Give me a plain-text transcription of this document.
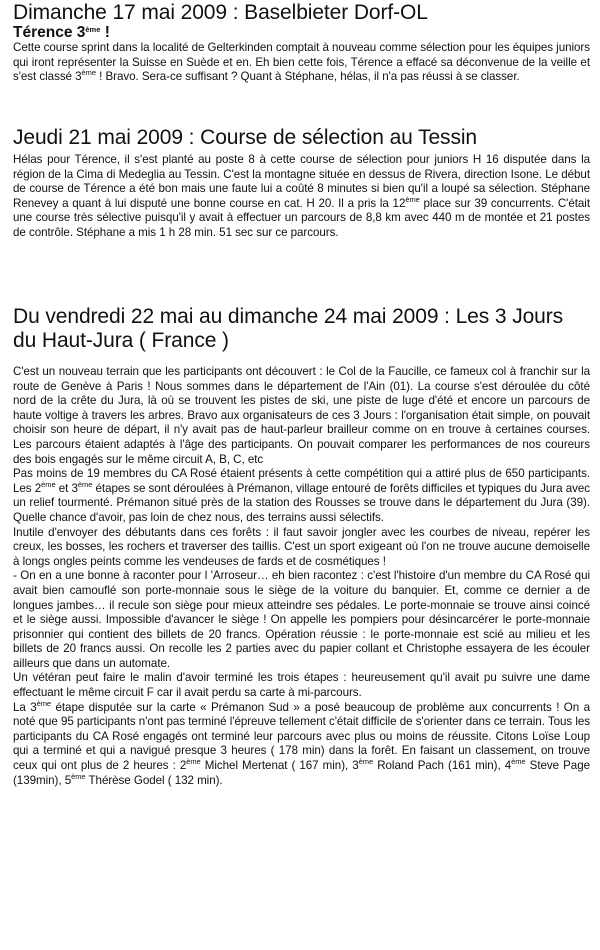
Dimanche 17 mai 2009 : Baselbieter Dorf-OL
Térence 3ème !

Cette course sprint dans la localité de Gelterkinden comptait à nouveau comme sélection pour les équipes juniors qui iront représenter la Suisse en Suède et en. Eh bien cette fois, Térence a effacé sa déconvenue de la veille et s'est classé 3ème ! Bravo. Sera-ce suffisant ? Quant à Stéphane, hélas, il n'a pas réussi à se classer.

Jeudi 21 mai 2009 : Course de sélection au Tessin

Hélas pour Térence, il s'est planté au poste 8 à cette course de sélection pour juniors H 16 disputée dans la région de la Cima di Medeglia au Tessin. C'est la montagne située en dessus de Rivera, direction Isone. Le début de course de Térence a été bon mais une faute lui a coûté 8 minutes si bien qu'il a loupé sa sélection. Stéphane Renevey a quant à lui disputé une bonne course en cat. H 20. Il a pris la 12ème place sur 39 concurrents. C'était une course très sélective puisqu'il y avait à effectuer un parcours de 8,8 km avec 440 m de montée et 21 postes de contrôle. Stéphane a mis 1 h 28 min. 51 sec sur ce parcours.

Du vendredi 22 mai au dimanche 24 mai 2009 : Les 3 Jours du Haut-Jura ( France )

C'est un nouveau terrain que les participants ont découvert : le Col de la Faucille, ce fameux col à franchir sur la route de Genève à Paris ! Nous sommes dans le département de l'Ain (01). La course s'est déroulée du côté nord de la crête du Jura, là où se trouvent les pistes de ski, une piste de luge d'été et encore un parcours de haute voltige à travers les arbres. Bravo aux organisateurs de ces 3 Jours : l'organisation était simple, on pouvait choisir son heure de départ, il n'y avait pas de haut-parleur brailleur comme on en trouve à certaines courses. Les parcours étaient adaptés à l'âge des participants. On pouvait comparer les performances de nos coureurs des bois engagés sur le même circuit A, B, C, etc

Pas moins de 19 membres du CA Rosé étaient présents à cette compétition qui a attiré plus de 650 participants. Les 2ème et 3ème étapes se sont déroulées à Prémanon, village entouré de forêts difficiles et typiques du Jura avec un relief tourmenté. Prémanon situé près de la station des Rousses se trouve dans le département du Jura (39). Quelle chance d'avoir, pas loin de chez nous, des terrains aussi sélectifs.

Inutile d'envoyer des débutants dans ces forêts : il faut savoir jongler avec les courbes de niveau, repérer les creux, les bosses, les rochers et traverser des taillis. C'est un sport exigeant où l'on ne trouve aucune demoiselle à longs ongles peints comme les vendeuses de fards et de cosmétiques !

- On en a une bonne à raconter pour l 'Arroseur… eh bien racontez : c'est l'histoire d'un membre du CA Rosé qui avait bien camouflé son porte-monnaie sous le siège de la voiture du banquier. Et, comme ce dernier a de longues jambes… il recule son siège pour mieux atteindre ses pédales. Le porte-monnaie se trouve ainsi coincé et le siège aussi. Impossible d'avancer le siège ! On appelle les pompiers pour désincarcérer le porte-monnaie prisonnier qui contient des billets de 20 francs. Opération réussie : le porte-monnaie est scié au milieu et les billets de 20 francs aussi. On recolle les 2 parties avec du papier collant et Christophe essayera de les écouler ailleurs que dans un automate.

Un vétéran peut faire le malin d'avoir terminé les trois étapes : heureusement qu'il avait pu suivre une dame effectuant le même circuit F car il avait perdu sa carte à mi-parcours.

La 3ème étape disputée sur la carte « Prémanon Sud » a posé beaucoup de problème aux concurrents ! On a noté que 95 participants n'ont pas terminé l'épreuve tellement c'était difficile de s'orienter dans ce terrain. Tous les participants du CA Rosé engagés ont terminé leur parcours avec plus ou moins de réussite. Citons Loïse Loup qui a terminé et qui a navigué presque 3 heures ( 178 min) dans la forêt. En faisant un classement, on trouve ceux qui ont plus de 2 heures : 2ème Michel Mertenat ( 167 min), 3ème Roland Pach (161 min), 4ème Steve Page (139min), 5ème Thérèse Godel ( 132 min).
